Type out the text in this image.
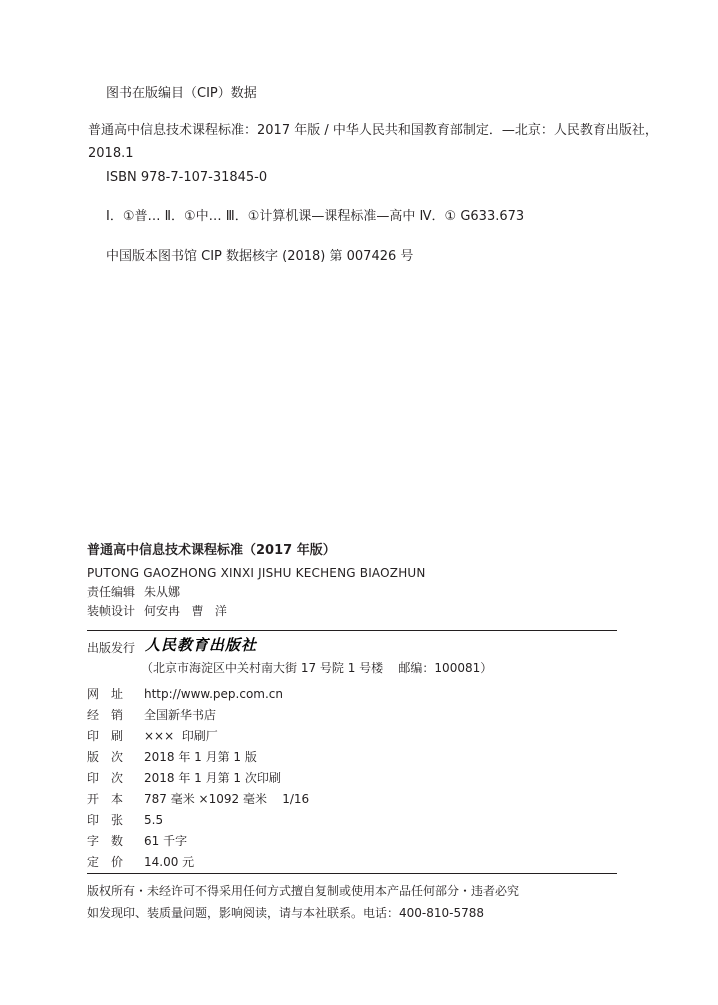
图书在版编目（CIP）数据
普通高中信息技术课程标准：2017 年版 / 中华人民共和国教育部制定．—北京：人民教育出版社，
2018.1
ISBN 978-7-107-31845-0
Ⅰ．①普… Ⅱ．①中… Ⅲ．①计算机课—课程标准—高中 Ⅳ．① G633.673
中国版本图书馆 CIP 数据核字 (2018) 第 007426 号
普通高中信息技术课程标准（2017 年版）
PUTONG GAOZHONG XINXI JISHU KECHENG BIAOZHUN
责任编辑 朱从娜
装帧设计 何安冉   曹   洋
出版发行 人民教育出版社
（北京市海淀区中关村南大街 17 号院 1 号楼    邮编：100081）
网 址 http://www.pep.com.cn
经 销 全国新华书店
印 刷 ×××  印刷厂
版 次 2018 年 1 月第 1 版
印 次 2018 年 1 月第 1 次印刷
开 本 787 毫米 ×1092 毫米    1/16
印 张 5.5
字 数 61 千字
定 价 14.00 元
版权所有・未经许可不得采用任何方式擅自复制或使用本产品任何部分・违者必究
如发现印、装质量问题，影响阅读，请与本社联系。电话：400-810-5788
